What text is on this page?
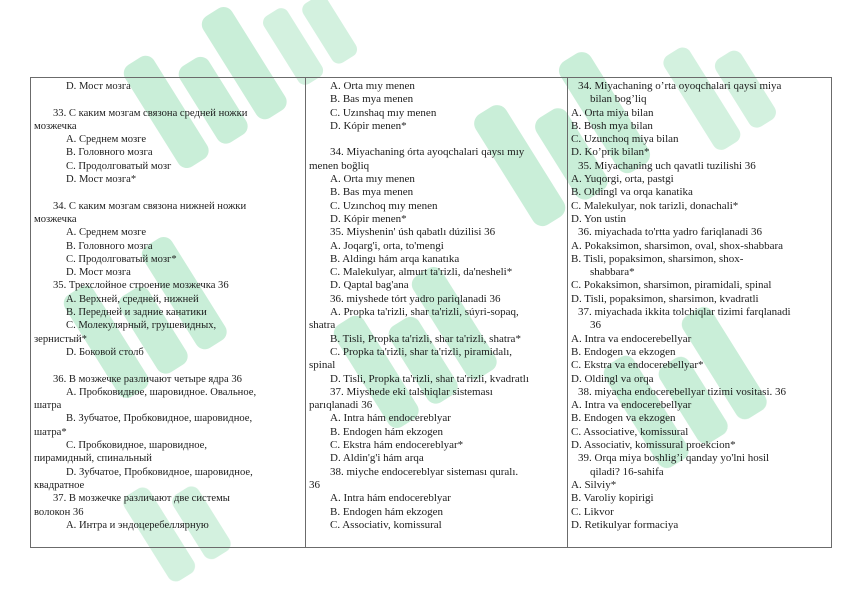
D. Мост мозга
33. С каким мозгам связона средней ножки
мозжечка
A. Среднем мозге
B. Головного мозга
C. Продолговатый мозг
D. Мост мозга*
34. С каким мозгам связона нижней ножки
мозжечка
A. Среднем мозге
B. Головного мозга
C. Продолговатый мозг*
D. Мост мозга
35. Трехслойное строение мозжечка 36
A. Верхней, средней, нижней
B. Передней и задние канатики
C. Молекулярный, грушевидных,
зернистый*
D. Боковой столб
36. В мозжечке различают четыре ядра 36
A. Пробковидное, шаровидное. Овальное,
шатра
B. Зубчатое, Пробковидное, шаровидное,
шатра*
C. Пробковидное, шаровидное,
пирамидный, спинальный
D. Зубчатое, Пробковидное, шаровидное,
квадратное
37. В мозжечке различают две системы
волокон 36
A. Интра и эндоцеребеллярную
A. Orta mıy menen
B. Bas mya menen
C. Uzınshaq mıy menen
D. Kópir menen*
34. Miyachaning órta ayoqchalari qaysı mıy
menen bоğliq
A. Orta mıy menen
B. Bas mya menen
C. Uzınchoq mıy menen
D. Kópir menen*
35. Miyshenin' úsh qabatlı dúzilisi 36
A. Joqarg'i, orta, to'mengi
B. Aldingı hám arqa kanatıka
C. Malekulyar, almurt ta'rizli, da'nesheli*
D. Qaptal bag'ana
36. miyshede tórt yadro pariqlanadi 36
A. Propka ta'rizli, shar ta'rizli, súyri-sopaq,
shatra
B. Tisli, Propka ta'rizli, shar ta'rizli, shatra*
C. Propka ta'rizli, shar ta'rizli, piramidalı,
spinal
D. Tisli, Propka ta'rizli, shar ta'rizli, kvadratlı
37. Miyshede eki talshiqlar sisteması
parıqlanadi 36
A. Intra hám endocereblyar
B. Endogen hám ekzogen
C. Ekstra hám endocereblyar*
D. Aldin'g'i hám arqa
38. miyche endocereblyar sisteması quralı.
36
A. Intra hám endocereblyar
B. Endogen hám ekzogen
C. Associativ, komissural
34. Miyachaning o’rta oyoqchalari qaysi miya
bilan bog’liq
A. Orta miya bilan
B. Bosh mya bilan
C. Uzunchoq miya bilan
D. Ko’prik bilan*
35. Miyachaning uch qavatli tuzilishi 36
A. Yuqorgi, orta, pastgi
B. Oldingl va orqa kanatika
C. Malekulyar, nok tarizli, donachali*
D. Yon ustin
36. miyachada to'rtta yadro fariqlanadi 36
A. Pokaksimon, sharsimon, oval, shox-shabbara
B. Tisli, popaksimon, sharsimon, shox-
shabbara*
C. Pokaksimon, sharsimon, piramidali, spinal
D. Tisli, popaksimon, sharsimon, kvadratli
37. miyachada ikkita tolchiqlar tizimi farqlanadi
36
A. Intra va endocerebellyar
B. Endogen va ekzogen
C. Ekstra va endocerebellyar*
D. Oldingl va orqa
38. miyacha endocerebellyar tizimi vositasi. 36
A. Intra va endocerebellyar
B. Endogen va ekzogen
C. Associative, komissural
D. Associativ, komissural proekcion*
39. Orqa miya boshlig’i qanday yo'lni hosil
qiladi? 16-sahifa
A. Silviy*
B. Varoliy kopirigi
C. Likvor
D. Retikulyar formaciya
